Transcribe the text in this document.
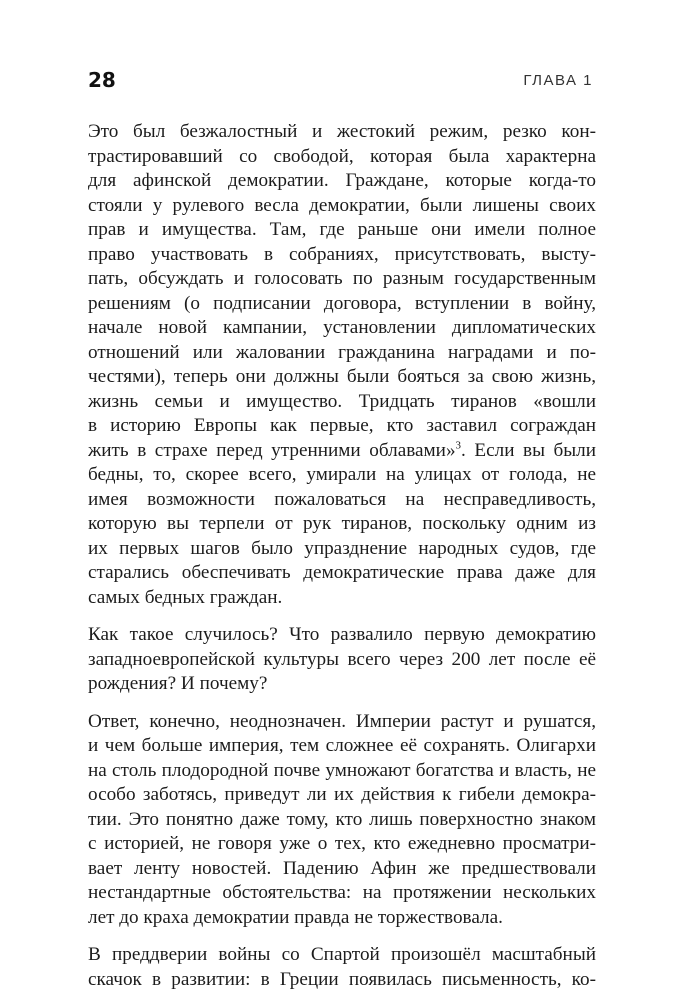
28	ГЛАВА 1
Это был безжалостный и жестокий режим, резко кон-
трастировавший со свободой, которая была характерна
для афинской демократии. Граждане, которые когда-то
стояли у рулевого весла демократии, были лишены своих
прав и имущества. Там, где раньше они имели полное
право участвовать в собраниях, присутствовать, высту-
пать, обсуждать и голосовать по разным государственным
решениям (о подписании договора, вступлении в войну,
начале новой кампании, установлении дипломатических
отношений или жаловании гражданина наградами и по-
честями), теперь они должны были бояться за свою жизнь,
жизнь семьи и имущество. Тридцать тиранов «вошли
в историю Европы как первые, кто заставил сограждан
жить в страхе перед утренними облавами»$^3$. Если вы были
бедны, то, скорее всего, умирали на улицах от голода, не
имея возможности пожаловаться на несправедливость,
которую вы терпели от рук тиранов, поскольку одним из
их первых шагов было упразднение народных судов, где
старались обеспечивать демократические права даже для
самых бедных граждан.
Как такое случилось? Что развалило первую демократию
западноевропейской культуры всего через 200 лет после её
рождения? И почему?
Ответ, конечно, неоднозначен. Империи растут и рушатся,
и чем больше империя, тем сложнее её сохранять. Олигархи
на столь плодородной почве умножают богатства и власть, не
особо заботясь, приведут ли их действия к гибели демокра-
тии. Это понятно даже тому, кто лишь поверхностно знаком
с историей, не говоря уже о тех, кто ежедневно просматри-
вает ленту новостей. Падению Афин же предшествовали
нестандартные обстоятельства: на протяжении нескольких
лет до краха демократии правда не торжествовала.
В преддверии войны со Спартой произошёл масштабный
скачок в развитии: в Греции появилась письменность, ко-
